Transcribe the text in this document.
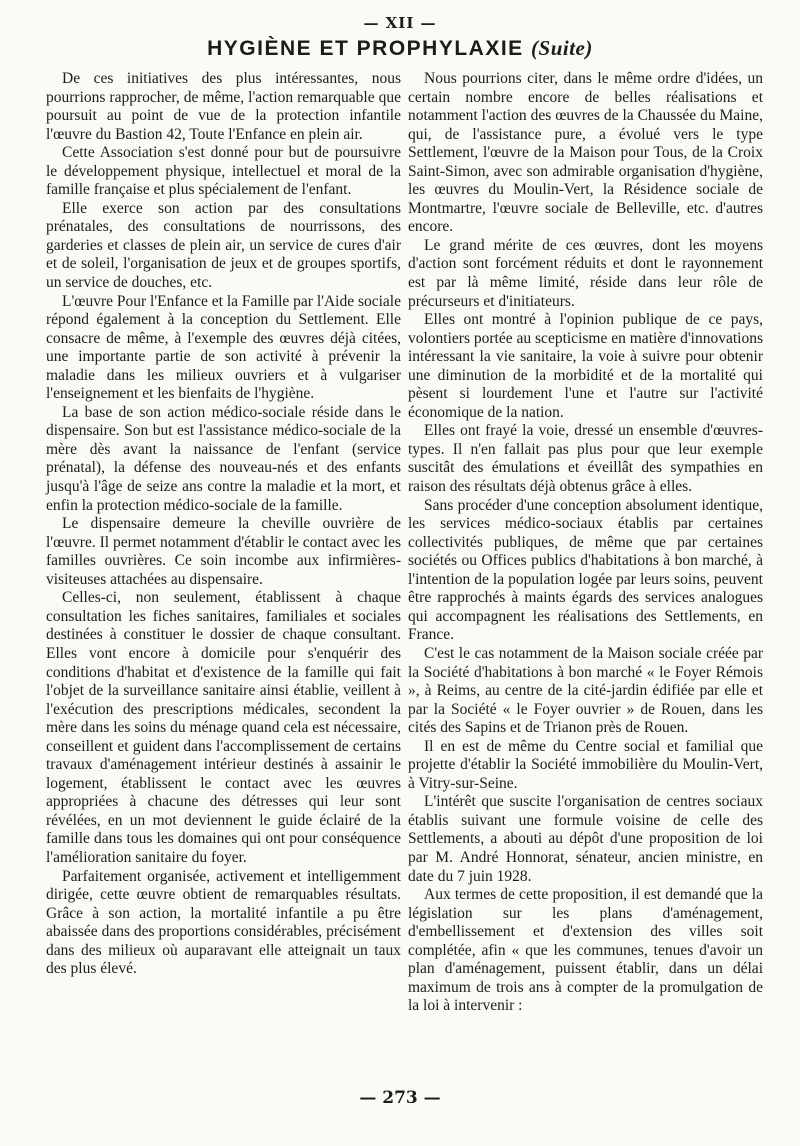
— XII —
HYGIÈNE ET PROPHYLAXIE (Suite)

De ces initiatives des plus intéressantes, nous pourrions rapprocher, de même, l'action remarquable que poursuit au point de vue de la protection infantile l'œuvre du Bastion 42, Toute l'Enfance en plein air.

Cette Association s'est donné pour but de poursuivre le développement physique, intellectuel et moral de la famille française et plus spécialement de l'enfant.

Elle exerce son action par des consultations prénatales, des consultations de nourrissons, des garderies et classes de plein air, un service de cures d'air et de soleil, l'organisation de jeux et de groupes sportifs, un service de douches, etc.

L'œuvre Pour l'Enfance et la Famille par l'Aide sociale répond également à la conception du Settlement. Elle consacre de même, à l'exemple des œuvres déjà citées, une importante partie de son activité à prévenir la maladie dans les milieux ouvriers et à vulgariser l'enseignement et les bienfaits de l'hygiène.

La base de son action médico-sociale réside dans le dispensaire. Son but est l'assistance médico-sociale de la mère dès avant la naissance de l'enfant (service prénatal), la défense des nouveau-nés et des enfants jusqu'à l'âge de seize ans contre la maladie et la mort, et enfin la protection médico-sociale de la famille.

Le dispensaire demeure la cheville ouvrière de l'œuvre. Il permet notamment d'établir le contact avec les familles ouvrières. Ce soin incombe aux infirmières-visiteuses attachées au dispensaire.

Celles-ci, non seulement, établissent à chaque consultation les fiches sanitaires, familiales et sociales destinées à constituer le dossier de chaque consultant. Elles vont encore à domicile pour s'enquérir des conditions d'habitat et d'existence de la famille qui fait l'objet de la surveillance sanitaire ainsi établie, veillent à l'exécution des prescriptions médicales, secondent la mère dans les soins du ménage quand cela est nécessaire, conseillent et guident dans l'accomplissement de certains travaux d'aménagement intérieur destinés à assainir le logement, établissent le contact avec les œuvres appropriées à chacune des détresses qui leur sont révélées, en un mot deviennent le guide éclairé de la famille dans tous les domaines qui ont pour conséquence l'amélioration sanitaire du foyer.

Parfaitement organisée, activement et intelligemment dirigée, cette œuvre obtient de remarquables résultats. Grâce à son action, la mortalité infantile a pu être abaissée dans des proportions considérables, précisément dans des milieux où auparavant elle atteignait un taux des plus élevé.

Nous pourrions citer, dans le même ordre d'idées, un certain nombre encore de belles réalisations et notamment l'action des œuvres de la Chaussée du Maine, qui, de l'assistance pure, a évolué vers le type Settlement, l'œuvre de la Maison pour Tous, de la Croix Saint-Simon, avec son admirable organisation d'hygiène, les œuvres du Moulin-Vert, la Résidence sociale de Montmartre, l'œuvre sociale de Belleville, etc. d'autres encore.

Le grand mérite de ces œuvres, dont les moyens d'action sont forcément réduits et dont le rayonnement est par là même limité, réside dans leur rôle de précurseurs et d'initiateurs.

Elles ont montré à l'opinion publique de ce pays, volontiers portée au scepticisme en matière d'innovations intéressant la vie sanitaire, la voie à suivre pour obtenir une diminution de la morbidité et de la mortalité qui pèsent si lourdement l'une et l'autre sur l'activité économique de la nation.

Elles ont frayé la voie, dressé un ensemble d'œuvres-types. Il n'en fallait pas plus pour que leur exemple suscitât des émulations et éveillât des sympathies en raison des résultats déjà obtenus grâce à elles.

Sans procéder d'une conception absolument identique, les services médico-sociaux établis par certaines collectivités publiques, de même que par certaines sociétés ou Offices publics d'habitations à bon marché, à l'intention de la population logée par leurs soins, peuvent être rapprochés à maints égards des services analogues qui accompagnent les réalisations des Settlements, en France.

C'est le cas notamment de la Maison sociale créée par la Société d'habitations à bon marché « le Foyer Rémois », à Reims, au centre de la cité-jardin édifiée par elle et par la Société « le Foyer ouvrier » de Rouen, dans les cités des Sapins et de Trianon près de Rouen.

Il en est de même du Centre social et familial que projette d'établir la Société immobilière du Moulin-Vert, à Vitry-sur-Seine.

L'intérêt que suscite l'organisation de centres sociaux établis suivant une formule voisine de celle des Settlements, a abouti au dépôt d'une proposition de loi par M. André Honnorat, sénateur, ancien ministre, en date du 7 juin 1928.

Aux termes de cette proposition, il est demandé que la législation sur les plans d'aménagement, d'embellissement et d'extension des villes soit complétée, afin « que les communes, tenues d'avoir un plan d'aménagement, puissent établir, dans un délai maximum de trois ans à compter de la promulgation de la loi à intervenir :

— 273 —
